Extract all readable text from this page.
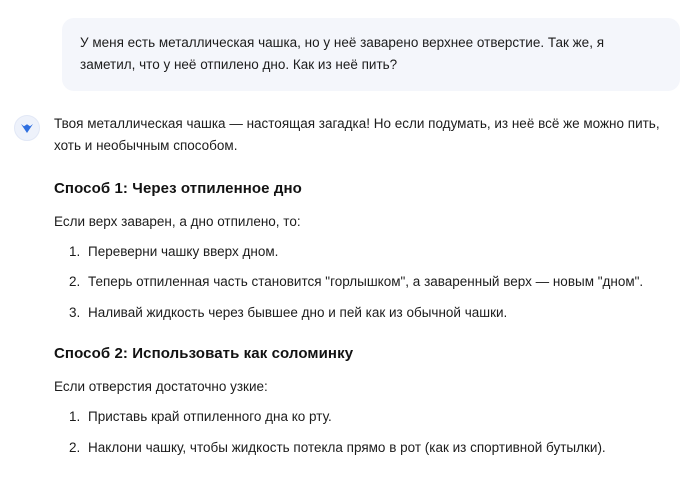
У меня есть металлическая чашка, но у неё заварено верхнее отверстие. Так же, я заметил, что у неё отпилено дно. Как из неё пить?

Твоя металлическая чашка — настоящая загадка! Но если подумать, из неё всё же можно пить, хоть и необычным способом.

Способ 1: Через отпиленное дно

Если верх заварен, а дно отпилено, то:

1. Переверни чашку вверх дном.
2. Теперь отпиленная часть становится "горлышком", а заваренный верх — новым "дном".
3. Наливай жидкость через бывшее дно и пей как из обычной чашки.
Способ 2: Использовать как соломинку

Если отверстия достаточно узкие:

1. Приставь край отпиленного дна ко рту.
2. Наклони чашку, чтобы жидкость потекла прямо в рот (как из спортивной бутылки).
